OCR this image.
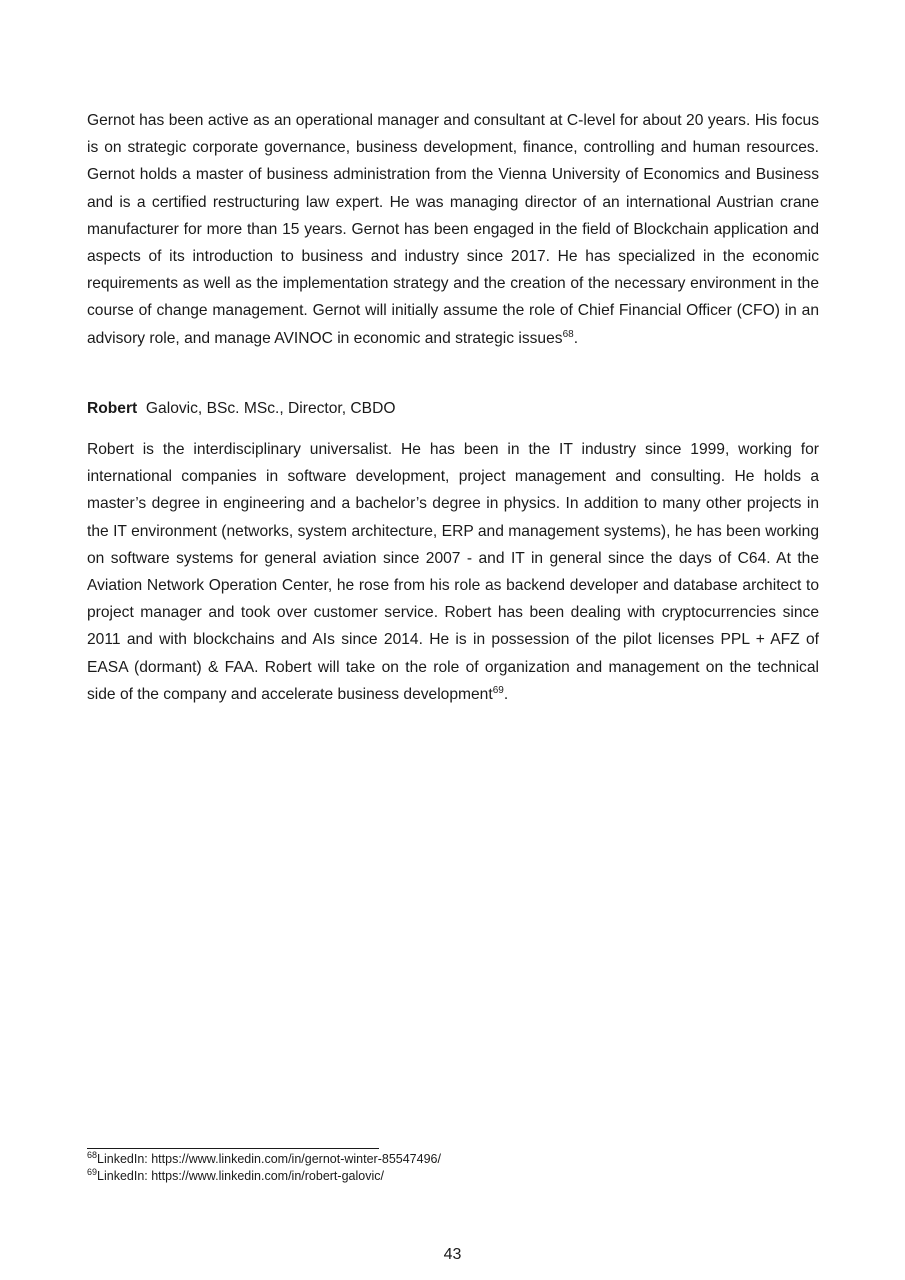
Gernot has been active as an operational manager and consultant at C-level for about 20 years. His focus is on strategic corporate governance, business development, finance, controlling and human resources. Gernot holds a master of business administration from the Vienna University of Economics and Business and is a certified restructuring law expert. He was managing director of an international Austrian crane manufacturer for more than 15 years. Gernot has been engaged in the field of Blockchain application and aspects of its introduction to business and industry since 2017. He has specialized in the economic requirements as well as the implementation strategy and the creation of the necessary environment in the course of change management. Gernot will initially assume the role of Chief Financial Officer (CFO) in an advisory role, and manage AVINOC in economic and strategic issues$^{68}$.

Robert Galovic, BSc. MSc., Director, CBDO

Robert is the interdisciplinary universalist. He has been in the IT industry since 1999, working for international companies in software development, project management and consulting. He holds a master’s degree in engineering and a bachelor’s degree in physics. In addition to many other projects in the IT environment (networks, system architecture, ERP and management systems), he has been working on software systems for general aviation since 2007 - and IT in general since the days of C64. At the Aviation Network Operation Center, he rose from his role as backend developer and database architect to project manager and took over customer service. Robert has been dealing with cryptocurrencies since 2011 and with blockchains and AIs since 2014. He is in possession of the pilot licenses PPL + AFZ of EASA (dormant) & FAA. Robert will take on the role of organization and management on the technical side of the company and accelerate business development$^{69}$.

$^{68}$LinkedIn: https://www.linkedin.com/in/gernot-winter-85547496/

$^{69}$LinkedIn: https://www.linkedin.com/in/robert-galovic/

43
